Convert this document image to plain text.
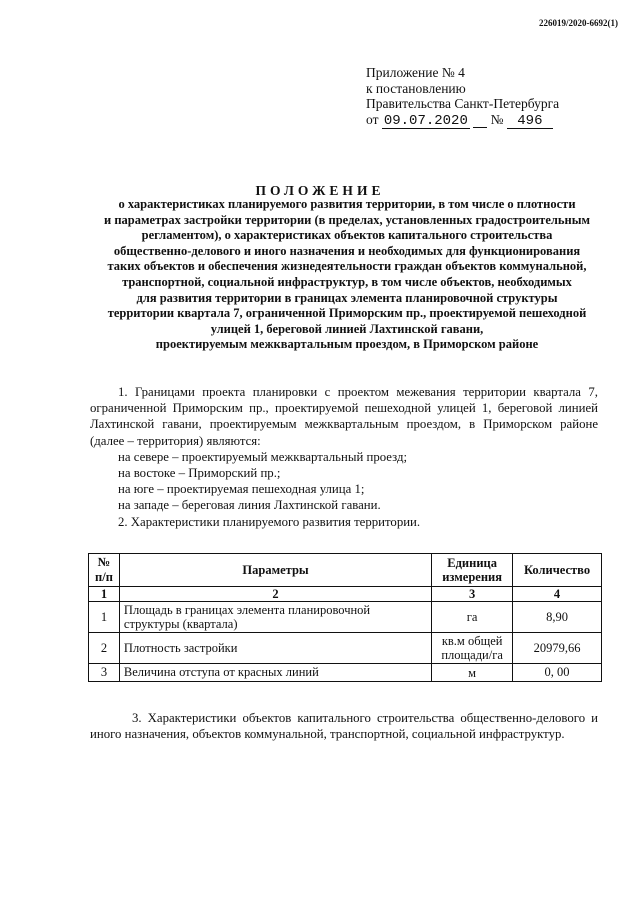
226019/2020-6692(1)
Приложение № 4
к постановлению
Правительства Санкт-Петербурга
от 09.07.2020 № 496
ПОЛОЖЕНИЕ
о характеристиках планируемого развития территории, в том числе о плотности
и параметрах застройки территории (в пределах, установленных градостроительным
регламентом), о характеристиках объектов капитального строительства
общественно-делового и иного назначения и необходимых для функционирования
таких объектов и обеспечения жизнедеятельности граждан объектов коммунальной,
транспортной, социальной инфраструктур, в том числе объектов, необходимых
для развития территории в границах элемента планировочной структуры
территории квартала 7, ограниченной Приморским пр., проектируемой пешеходной
улицей 1, береговой линией Лахтинской гавани,
проектируемым межквартальным проездом, в Приморском районе

1. Границами проекта планировки с проектом межевания территории квартала 7, ограниченной Приморским пр., проектируемой пешеходной улицей 1, береговой линией Лахтинской гавани, проектируемым межквартальным проездом, в Приморском районе (далее – территория) являются:

на севере – проектируемый межквартальный проезд;
на востоке – Приморский пр.;
на юге – проектируемая пешеходная улица 1;
на западе – береговая линия Лахтинской гавани.
2. Характеристики планируемого развития территории.
№ п/п	Параметры	Единица измерения	Количество
1	2	3	4
1	Площадь в границах элемента планировочной структуры (квартала)	га	8,90
2	Плотность застройки	кв.м общей площади/га	20979,66
3	Величина отступа от красных линий	м	0, 00
3. Характеристики объектов капитального строительства общественно-делового и иного назначения, объектов коммунальной, транспортной, социальной инфраструктур.
